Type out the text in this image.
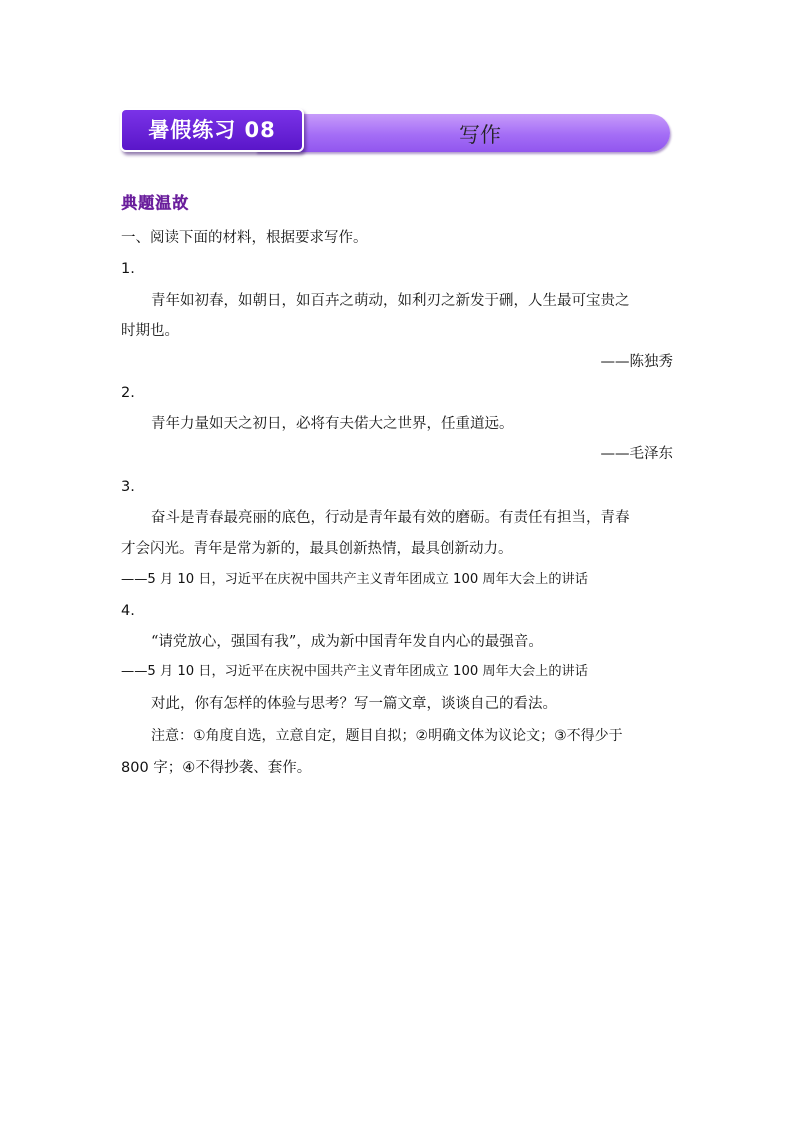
暑假练习 08	写作
典题温故
一、阅读下面的材料，根据要求写作。
1.
青年如初春，如朝日，如百卉之萌动，如利刃之新发于硎，人生最可宝贵之
时期也。
——陈独秀
2.
青年力量如天之初日，必将有夫偌大之世界，任重道远。
——毛泽东
3.
奋斗是青春最亮丽的底色，行动是青年最有效的磨砺。有责任有担当，青春
才会闪光。青年是常为新的，最具创新热情，最具创新动力。
——5 月 10 日，习近平在庆祝中国共产主义青年团成立 100 周年大会上的讲话
4.
“请党放心，强国有我”，成为新中国青年发自内心的最强音。
——5 月 10 日，习近平在庆祝中国共产主义青年团成立 100 周年大会上的讲话
对此，你有怎样的体验与思考？写一篇文章，谈谈自己的看法。
注意：①角度自选，立意自定，题目自拟；②明确文体为议论文；③不得少于
800 字；④不得抄袭、套作。
